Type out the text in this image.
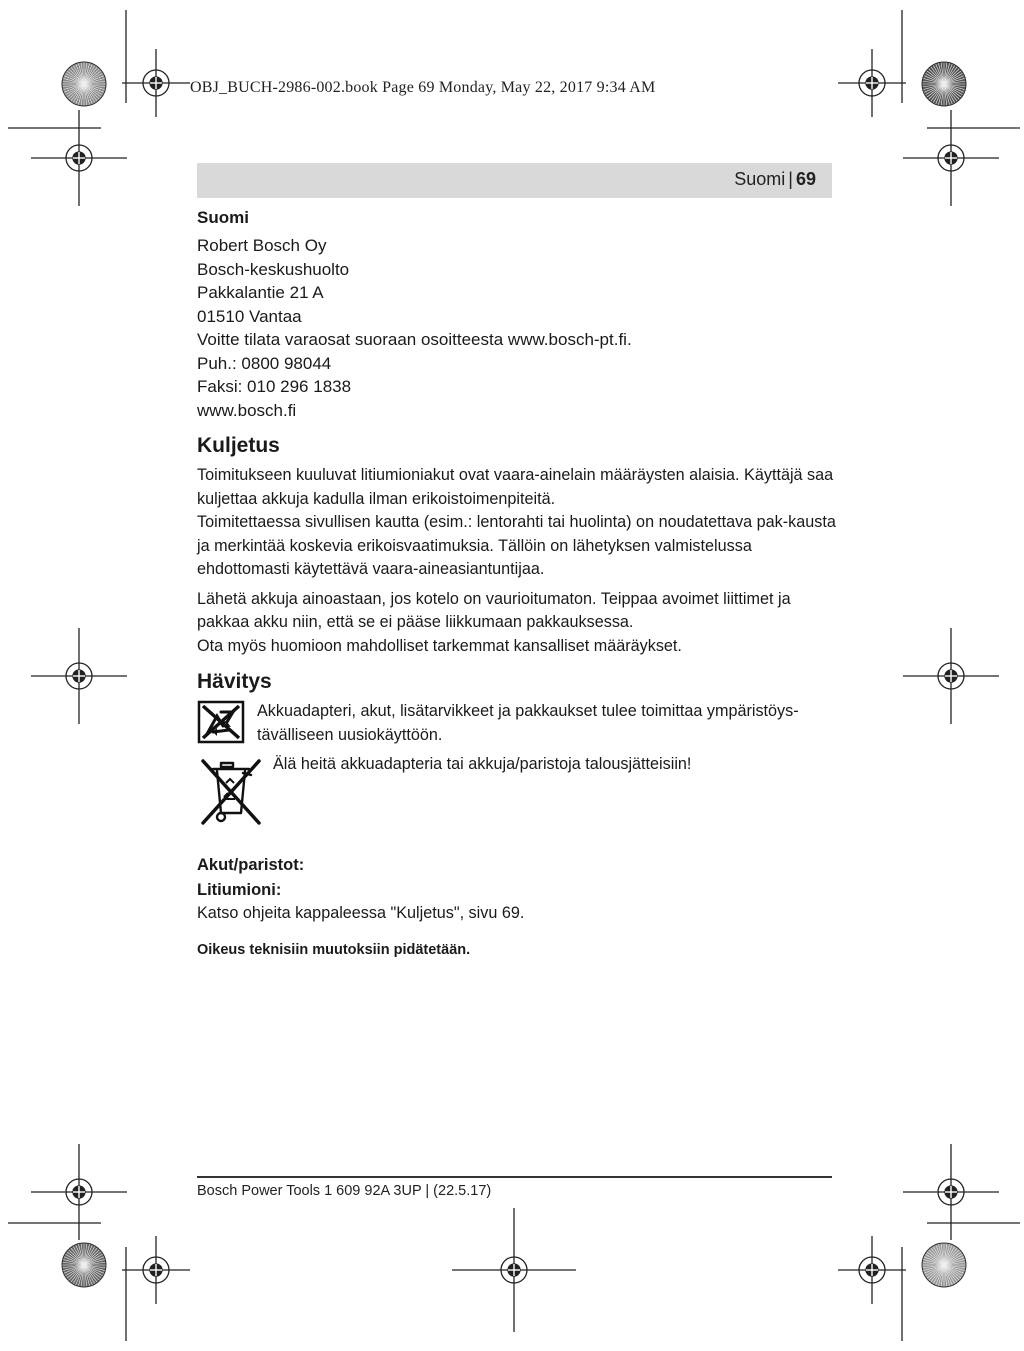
OBJ_BUCH-2986-002.book Page 69 Monday, May 22, 2017 9:34 AM
Suomi | 69
Suomi

Robert Bosch Oy

Bosch-keskushuolto

Pakkalantie 21 A

01510 Vantaa

Voitte tilata varaosat suoraan osoitteesta www.bosch-pt.fi.

Puh.: 0800 98044

Faksi: 010 296 1838

www.bosch.fi

Kuljetus

Toimitukseen kuuluvat litiumioniakut ovat vaara-ainelain määräysten alaisia. Käyttäjä saa kuljettaa akkuja kadulla ilman erikoistoimenpiteitä.

Toimitettaessa sivullisen kautta (esim.: lentorahti tai huolinta) on noudatettava pak-kausta ja merkintää koskevia erikoisvaatimuksia. Tällöin on lähetyksen valmistelussa ehdottomasti käytettävä vaara-aineasiantuntijaa.

Lähetä akkuja ainoastaan, jos kotelo on vaurioitumaton. Teippaa avoimet liittimet ja pakkaa akku niin, että se ei pääse liikkumaan pakkauksessa.

Ota myös huomioon mahdolliset tarkemmat kansalliset määräykset.

Hävitys
Akkuadapteri, akut, lisätarvikkeet ja pakkaukset tulee toimittaa ympäristöys-tävälliseen uusiokäyttöön.
Älä heitä akkuadapteria tai akkuja/paristoja talousjätteisiin!
Akut/paristot:
Litiumioni:

Katso ohjeita kappaleessa "Kuljetus", sivu 69.

Oikeus teknisiin muutoksiin pidätetään.
Bosch Power Tools 1 609 92A 3UP | (22.5.17)
